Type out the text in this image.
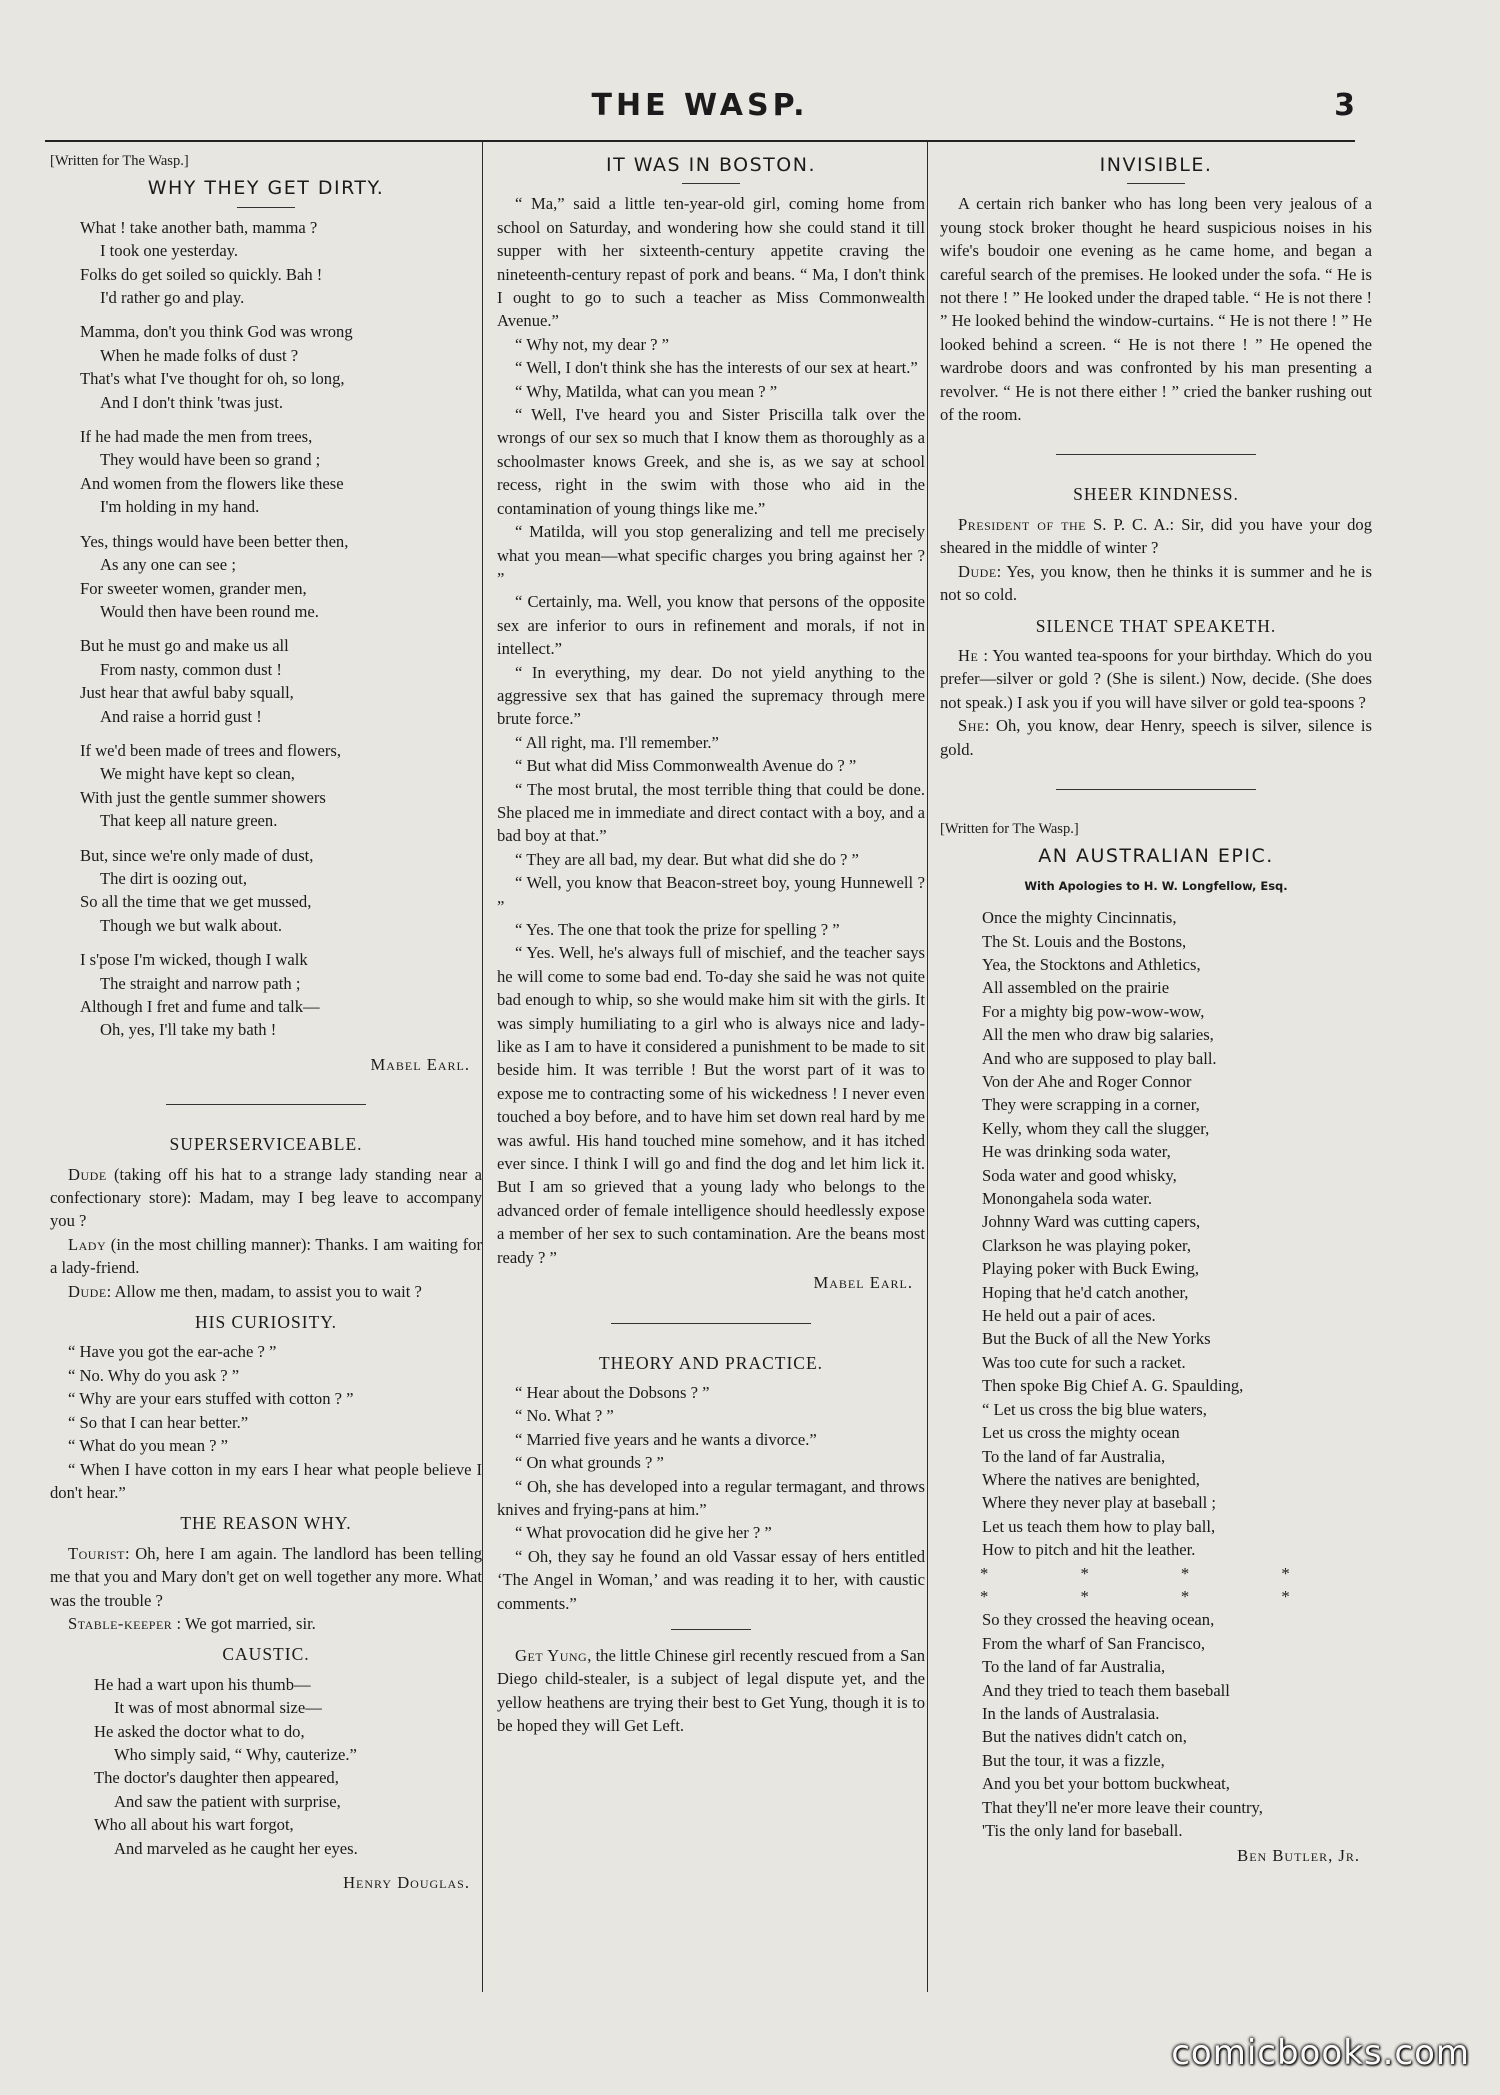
THE WASP.	3
[Written for The Wasp.]
WHY THEY GET DIRTY.
What ! take another bath, mamma ?
I took one yesterday.
Folks do get soiled so quickly. Bah !
I'd rather go and play.
Mamma, don't you think God was wrong
When he made folks of dust ?
That's what I've thought for oh, so long,
And I don't think 'twas just.
If he had made the men from trees,
They would have been so grand ;
And women from the flowers like these
I'm holding in my hand.
Yes, things would have been better then,
As any one can see ;
For sweeter women, grander men,
Would then have been round me.
But he must go and make us all
From nasty, common dust !
Just hear that awful baby squall,
And raise a horrid gust !
If we'd been made of trees and flowers,
We might have kept so clean,
With just the gentle summer showers
That keep all nature green.
But, since we're only made of dust,
The dirt is oozing out,
So all the time that we get mussed,
Though we but walk about.
I s'pose I'm wicked, though I walk
The straight and narrow path ;
Although I fret and fume and talk—
Oh, yes, I'll take my bath !
Mabel Earl.
SUPERSERVICEABLE.

Dude (taking off his hat to a strange lady standing near a confectionary store): Madam, may I beg leave to accompany you ?

Lady (in the most chilling manner): Thanks. I am waiting for a lady-friend.

Dude: Allow me then, madam, to assist you to wait ?

HIS CURIOSITY.

“ Have you got the ear-ache ? ”

“ No. Why do you ask ? ”

“ Why are your ears stuffed with cotton ? ”

“ So that I can hear better.”

“ What do you mean ? ”

“ When I have cotton in my ears I hear what people believe I don't hear.”

THE REASON WHY.

Tourist: Oh, here I am again. The landlord has been telling me that you and Mary don't get on well together any more. What was the trouble ?

Stable-keeper : We got married, sir.

CAUSTIC.
He had a wart upon his thumb—
It was of most abnormal size—
He asked the doctor what to do,
Who simply said, “ Why, cauterize.”
The doctor's daughter then appeared,
And saw the patient with surprise,
Who all about his wart forgot,
And marveled as he caught her eyes.
Henry Douglas.
IT WAS IN BOSTON.

“ Ma,” said a little ten-year-old girl, coming home from school on Saturday, and wondering how she could stand it till supper with her sixteenth-century appetite craving the nineteenth-century repast of pork and beans. “ Ma, I don't think I ought to go to such a teacher as Miss Commonwealth Avenue.”

“ Why not, my dear ? ”

“ Well, I don't think she has the interests of our sex at heart.”

“ Why, Matilda, what can you mean ? ”

“ Well, I've heard you and Sister Priscilla talk over the wrongs of our sex so much that I know them as thoroughly as a schoolmaster knows Greek, and she is, as we say at school recess, right in the swim with those who aid in the contamination of young things like me.”

“ Matilda, will you stop generalizing and tell me precisely what you mean—what specific charges you bring against her ? ”

“ Certainly, ma. Well, you know that persons of the opposite sex are inferior to ours in refinement and morals, if not in intellect.”

“ In everything, my dear. Do not yield anything to the aggressive sex that has gained the supremacy through mere brute force.”

“ All right, ma. I'll remember.”

“ But what did Miss Commonwealth Avenue do ? ”

“ The most brutal, the most terrible thing that could be done. She placed me in immediate and direct contact with a boy, and a bad boy at that.”

“ They are all bad, my dear. But what did she do ? ”

“ Well, you know that Beacon-street boy, young Hunnewell ? ”

“ Yes. The one that took the prize for spelling ? ”

“ Yes. Well, he's always full of mischief, and the teacher says he will come to some bad end. To-day she said he was not quite bad enough to whip, so she would make him sit with the girls. It was simply humiliating to a girl who is always nice and lady-like as I am to have it considered a punishment to be made to sit beside him. It was terrible ! But the worst part of it was to expose me to contracting some of his wickedness ! I never even touched a boy before, and to have him set down real hard by me was awful. His hand touched mine somehow, and it has itched ever since. I think I will go and find the dog and let him lick it. But I am so grieved that a young lady who belongs to the advanced order of female intelligence should heedlessly expose a member of her sex to such contamination. Are the beans most ready ? ”

Mabel Earl.
THEORY AND PRACTICE.

“ Hear about the Dobsons ? ”

“ No. What ? ”

“ Married five years and he wants a divorce.”

“ On what grounds ? ”

“ Oh, she has developed into a regular termagant, and throws knives and frying-pans at him.”

“ What provocation did he give her ? ”

“ Oh, they say he found an old Vassar essay of hers entitled ‘The Angel in Woman,’ and was reading it to her, with caustic comments.”

Get Yung, the little Chinese girl recently rescued from a San Diego child-stealer, is a subject of legal dispute yet, and the yellow heathens are trying their best to Get Yung, though it is to be hoped they will Get Left.

INVISIBLE.

A certain rich banker who has long been very jealous of a young stock broker thought he heard suspicious noises in his wife's boudoir one evening as he came home, and began a careful search of the premises. He looked under the sofa. “ He is not there ! ” He looked under the draped table. “ He is not there ! ” He looked behind the window-curtains. “ He is not there ! ” He looked behind a screen. “ He is not there ! ” He opened the wardrobe doors and was confronted by his man presenting a revolver. “ He is not there either ! ” cried the banker rushing out of the room.

SHEER KINDNESS.

President of the S. P. C. A.: Sir, did you have your dog sheared in the middle of winter ?

Dude: Yes, you know, then he thinks it is summer and he is not so cold.

SILENCE THAT SPEAKETH.

He : You wanted tea-spoons for your birthday. Which do you prefer—silver or gold ? (She is silent.) Now, decide. (She does not speak.) I ask you if you will have silver or gold tea-spoons ?

She: Oh, you know, dear Henry, speech is silver, silence is gold.

[Written for The Wasp.]
AN AUSTRALIAN EPIC.
With Apologies to H. W. Longfellow, Esq.
Once the mighty Cincinnatis,
The St. Louis and the Bostons,
Yea, the Stocktons and Athletics,
All assembled on the prairie
For a mighty big pow-wow-wow,
All the men who draw big salaries,
And who are supposed to play ball.
Von der Ahe and Roger Connor
They were scrapping in a corner,
Kelly, whom they call the slugger,
He was drinking soda water,
Soda water and good whisky,
Monongahela soda water.
Johnny Ward was cutting capers,
Clarkson he was playing poker,
Playing poker with Buck Ewing,
Hoping that he'd catch another,
He held out a pair of aces.
But the Buck of all the New Yorks
Was too cute for such a racket.
Then spoke Big Chief A. G. Spaulding,
“ Let us cross the big blue waters,
Let us cross the mighty ocean
To the land of far Australia,
Where the natives are benighted,
Where they never play at baseball ;
Let us teach them how to play ball,
How to pitch and hit the leather.
* * * * * * * *
So they crossed the heaving ocean,
From the wharf of San Francisco,
To the land of far Australia,
And they tried to teach them baseball
In the lands of Australasia.
But the natives didn't catch on,
But the tour, it was a fizzle,
And you bet your bottom buckwheat,
That they'll ne'er more leave their country,
'Tis the only land for baseball.
Ben Butler, Jr.
comicbooks.com
